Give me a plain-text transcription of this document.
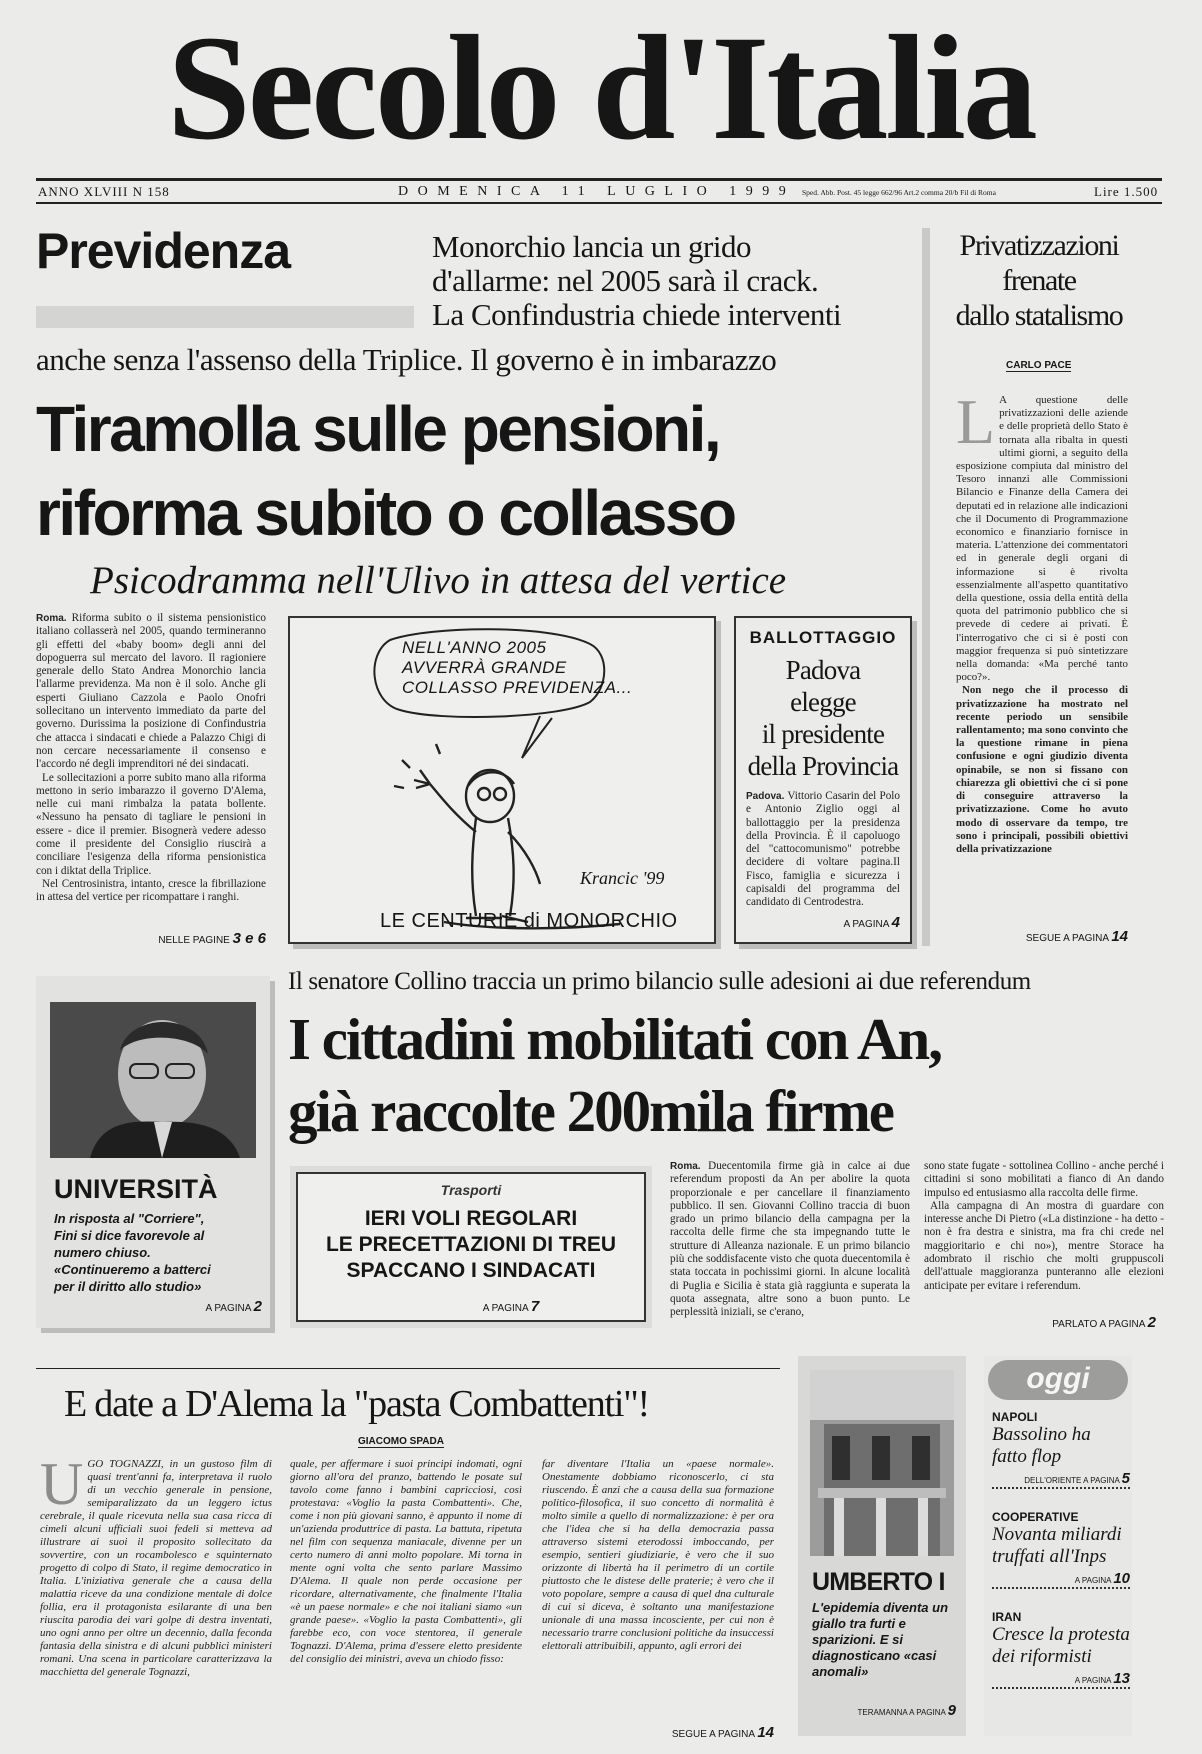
Secolo d'Italia
ANNO XLVIII N 158	DOMENICA 11 LUGLIO 1999 Sped. Abb. Post. 45 legge 662/96 Art.2 comma 20/b Fil di Roma	Lire 1.500
Previdenza	Monorchio lancia un grido
d'allarme: nel 2005 sarà il crack.
La Confindustria chiede interventi
anche senza l'assenso della Triplice. Il governo è in imbarazzo
Tiramolla sulle pensioni,
riforma subito o collasso
Psicodramma nell'Ulivo in attesa del vertice

Roma. Riforma subito o il sistema pensionistico italiano collasserà nel 2005, quando termineranno gli effetti del «baby boom» degli anni del dopoguerra sul mercato del lavoro. Il ragioniere generale dello Stato Andrea Monorchio lancia l'allarme previdenza. Ma non è il solo. Anche gli esperti Giuliano Cazzola e Paolo Onofri sollecitano un intervento immediato da parte del governo. Durissima la posizione di Confindustria che attacca i sindacati e chiede a Palazzo Chigi di non cercare necessariamente il consenso e l'accordo né degli imprenditori né dei sindacati.

Le sollecitazioni a porre subito mano alla riforma mettono in serio imbarazzo il governo D'Alema, nelle cui mani rimbalza la patata bollente. «Nessuno ha pensato di tagliare le pensioni in essere - dice il premier. Bisognerà vedere adesso come il presidente del Consiglio riuscirà a conciliare l'esigenza della riforma pensionistica con i diktat della Triplice.

Nel Centrosinistra, intanto, cresce la fibrillazione in attesa del vertice per ricompattare i ranghi.

NELLE PAGINE 3 e 6
NELL'ANNO 2005
AVVERRÀ GRANDE
COLLASSO PREVIDENZA...
Krancic '99
LE CENTURIE di MONORCHIO
BALLOTTAGGIO
Padova
elegge
il presidente
della Provincia
Padova. Vittorio Casarin del Polo e Antonio Ziglio oggi al ballottaggio per la presidenza della Provincia. È il capoluogo del "cattocomunismo" potrebbe decidere di voltare pagina.Il Fisco, famiglia e sicurezza i capisaldi del programma del candidato di Centrodestra.
A PAGINA 4
Privatizzazioni
frenate
dallo statalismo
CARLO PACE
L A questione delle privatizzazioni delle aziende e delle proprietà dello Stato è tornata alla ribalta in questi ultimi giorni, a seguito della esposizione compiuta dal ministro del Tesoro innanzi alle Commissioni Bilancio e Finanze della Camera dei deputati ed in relazione alle indicazioni che il Documento di Programmazione economico e finanziario fornisce in materia. L'attenzione dei commentatori ed in generale degli organi di informazione si è rivolta essenzialmente all'aspetto quantitativo della questione, ossia della entità della quota del patrimonio pubblico che si prevede di cedere ai privati. È l'interrogativo che ci si è posti con maggior frequenza si può sintetizzare nella domanda: «Ma perché tanto poco?».

Non nego che il processo di privatizzazione ha mostrato nel recente periodo un sensibile rallentamento; ma sono convinto che la questione rimane in piena confusione e ogni giudizio diventa opinabile, se non si fissano con chiarezza gli obiettivi che ci si pone di conseguire attraverso la privatizzazione. Come ho avuto modo di osservare da tempo, tre sono i principali, possibili obiettivi della privatizzazione

SEGUE A PAGINA 14
UNIVERSITÀ
In risposta al "Corriere", Fini si dice favorevole al numero chiuso. «Continueremo a batterci per il diritto allo studio»
A PAGINA 2
Il senatore Collino traccia un primo bilancio sulle adesioni ai due referendum
I cittadini mobilitati con An,
già raccolte 200mila firme
Trasporti
IERI VOLI REGOLARI
LE PRECETTAZIONI DI TREU
SPACCANO I SINDACATI
A PAGINA 7

Roma. Duecentomila firme già in calce ai due referendum proposti da An per abolire la quota proporzionale e per cancellare il finanziamento pubblico. Il sen. Giovanni Collino traccia di buon grado un primo bilancio della campagna per la raccolta delle firme che sta impegnando tutte le strutture di Alleanza nazionale. E un primo bilancio più che soddisfacente visto che quota duecentomila è stata toccata in pochissimi giorni. In alcune località di Puglia e Sicilia è stata già raggiunta e superata la quota assegnata, altre sono a buon punto. Le perplessità iniziali, se c'erano,

sono state fugate - sottolinea Collino - anche perché i cittadini si sono mobilitati a fianco di An dando impulso ed entusiasmo alla raccolta delle firme.

Alla campagna di An mostra di guardare con interesse anche Di Pietro («La distinzione - ha detto - non è fra destra e sinistra, ma fra chi crede nel maggioritario e chi no»), mentre Storace ha adombrato il rischio che molti gruppuscoli dell'attuale maggioranza punteranno alle elezioni anticipate per evitare i referendum.

PARLATO A PAGINA 2
E date a D'Alema la "pasta Combattenti"!
GIACOMO SPADA
U GO TOGNAZZI, in un gustoso film di quasi trent'anni fa, interpretava il ruolo di un vecchio generale in pensione, semiparalizzato da un leggero ictus cerebrale, il quale ricevuta nella sua casa ricca di cimeli alcuni ufficiali suoi fedeli si metteva ad illustrare ai suoi il proposito sollecitato da sovvertire, con un rocambolesco e squinternato progetto di colpo di Stato, il regime democratico in Italia. L'iniziativa generale che a causa della malattia riceve da una condizione mentale di dolce follia, era il protagonista esilarante di una ben riuscita parodia dei vari golpe di destra inventati, uno ogni anno per oltre un decennio, dalla feconda fantasia della sinistra e di alcuni pubblici ministeri romani. Una scena in particolare caratterizzava la macchietta del generale Tognazzi,
quale, per affermare i suoi principi indomati, ogni giorno all'ora del pranzo, battendo le posate sul tavolo come fanno i bambini capricciosi, così protestava: «Voglio la pasta Combattenti». Che, come i non più giovani sanno, è appunto il nome di un'azienda produttrice di pasta. La battuta, ripetuta nel film con sequenza maniacale, divenne per un certo numero di anni molto popolare. Mi torna in mente ogni volta che sento parlare Massimo D'Alema. Il quale non perde occasione per ricordare, alternativamente, che finalmente l'Italia «è un paese normale» e che noi italiani siamo «un grande paese». «Voglio la pasta Combattenti», gli farebbe eco, con voce stentorea, il generale Tognazzi. D'Alema, prima d'essere eletto presidente del consiglio dei ministri, aveva un chiodo fisso:
far diventare l'Italia un «paese normale». Onestamente dobbiamo riconoscerlo, ci sta riuscendo. È anzi che a causa della sua formazione politico-filosofica, il suo concetto di normalità è molto simile a quello di normalizzazione: è per ora che l'idea che si ha della democrazia passa attraverso sistemi eterodossi imboccando, per esempio, sentieri giudiziarie, è vero che il suo orizzonte di libertà ha il perimetro di un cortile piuttosto che le distese delle praterie; è vero che il voto popolare, sempre a causa di quel dna culturale di cui si diceva, è soltanto una manifestazione unionale di una massa incosciente, per cui non è necessario trarre conclusioni politiche da insuccessi elettorali attribuibili, appunto, agli errori dei
SEGUE A PAGINA 14
UMBERTO I
L'epidemia diventa un giallo tra furti e sparizioni. E si diagnosticano «casi anomali»
TERAMANNA A PAGINA 9
oggi
NAPOLI
Bassolino ha fatto flop
DELL'ORIENTE A PAGINA 5
COOPERATIVE
Novanta miliardi truffati all'Inps
A PAGINA 10
IRAN
Cresce la protesta dei riformisti
A PAGINA 13
